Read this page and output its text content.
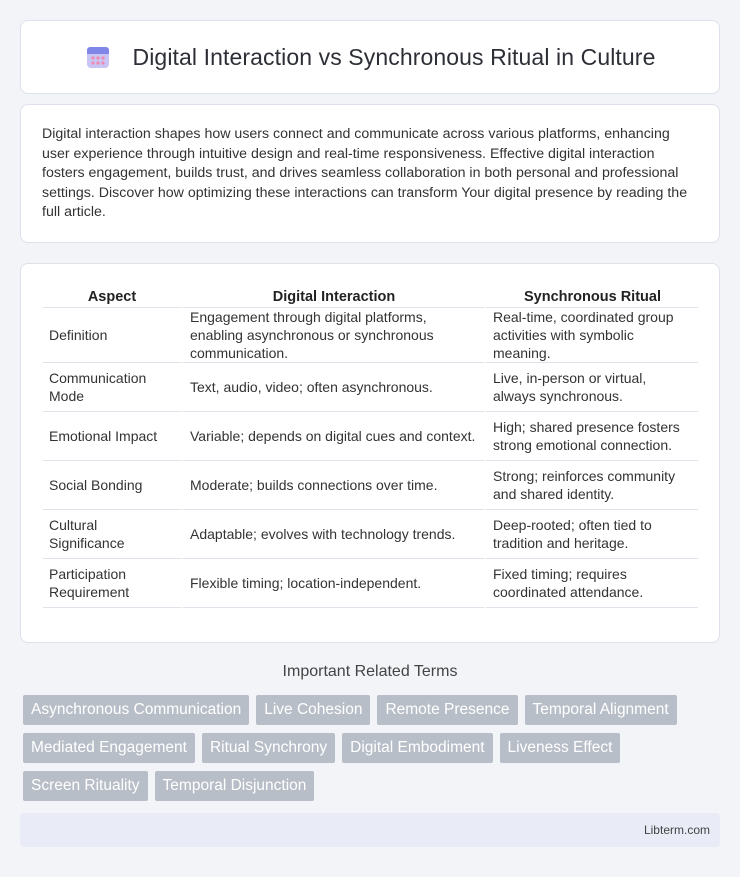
Digital Interaction vs Synchronous Ritual in Culture

Digital interaction shapes how users connect and communicate across various platforms, enhancing user experience through intuitive design and real-time responsiveness. Effective digital interaction fosters engagement, builds trust, and drives seamless collaboration in both personal and professional settings. Discover how optimizing these interactions can transform Your digital presence by reading the full article.

Aspect	Digital Interaction	Synchronous Ritual
Definition	Engagement through digital platforms, enabling asynchronous or synchronous communication.	Real-time, coordinated group activities with symbolic meaning.
Communication Mode	Text, audio, video; often asynchronous.	Live, in-person or virtual, always synchronous.
Emotional Impact	Variable; depends on digital cues and context.	High; shared presence fosters strong emotional connection.
Social Bonding	Moderate; builds connections over time.	Strong; reinforces community and shared identity.
Cultural Significance	Adaptable; evolves with technology trends.	Deep-rooted; often tied to tradition and heritage.
Participation Requirement	Flexible timing; location-independent.	Fixed timing; requires coordinated attendance.
Important Related Terms
Asynchronous Communication	Live Cohesion	Remote Presence	Temporal Alignment
Mediated Engagement	Ritual Synchrony	Digital Embodiment	Liveness Effect
Screen Rituality	Temporal Disjunction
Libterm.com
